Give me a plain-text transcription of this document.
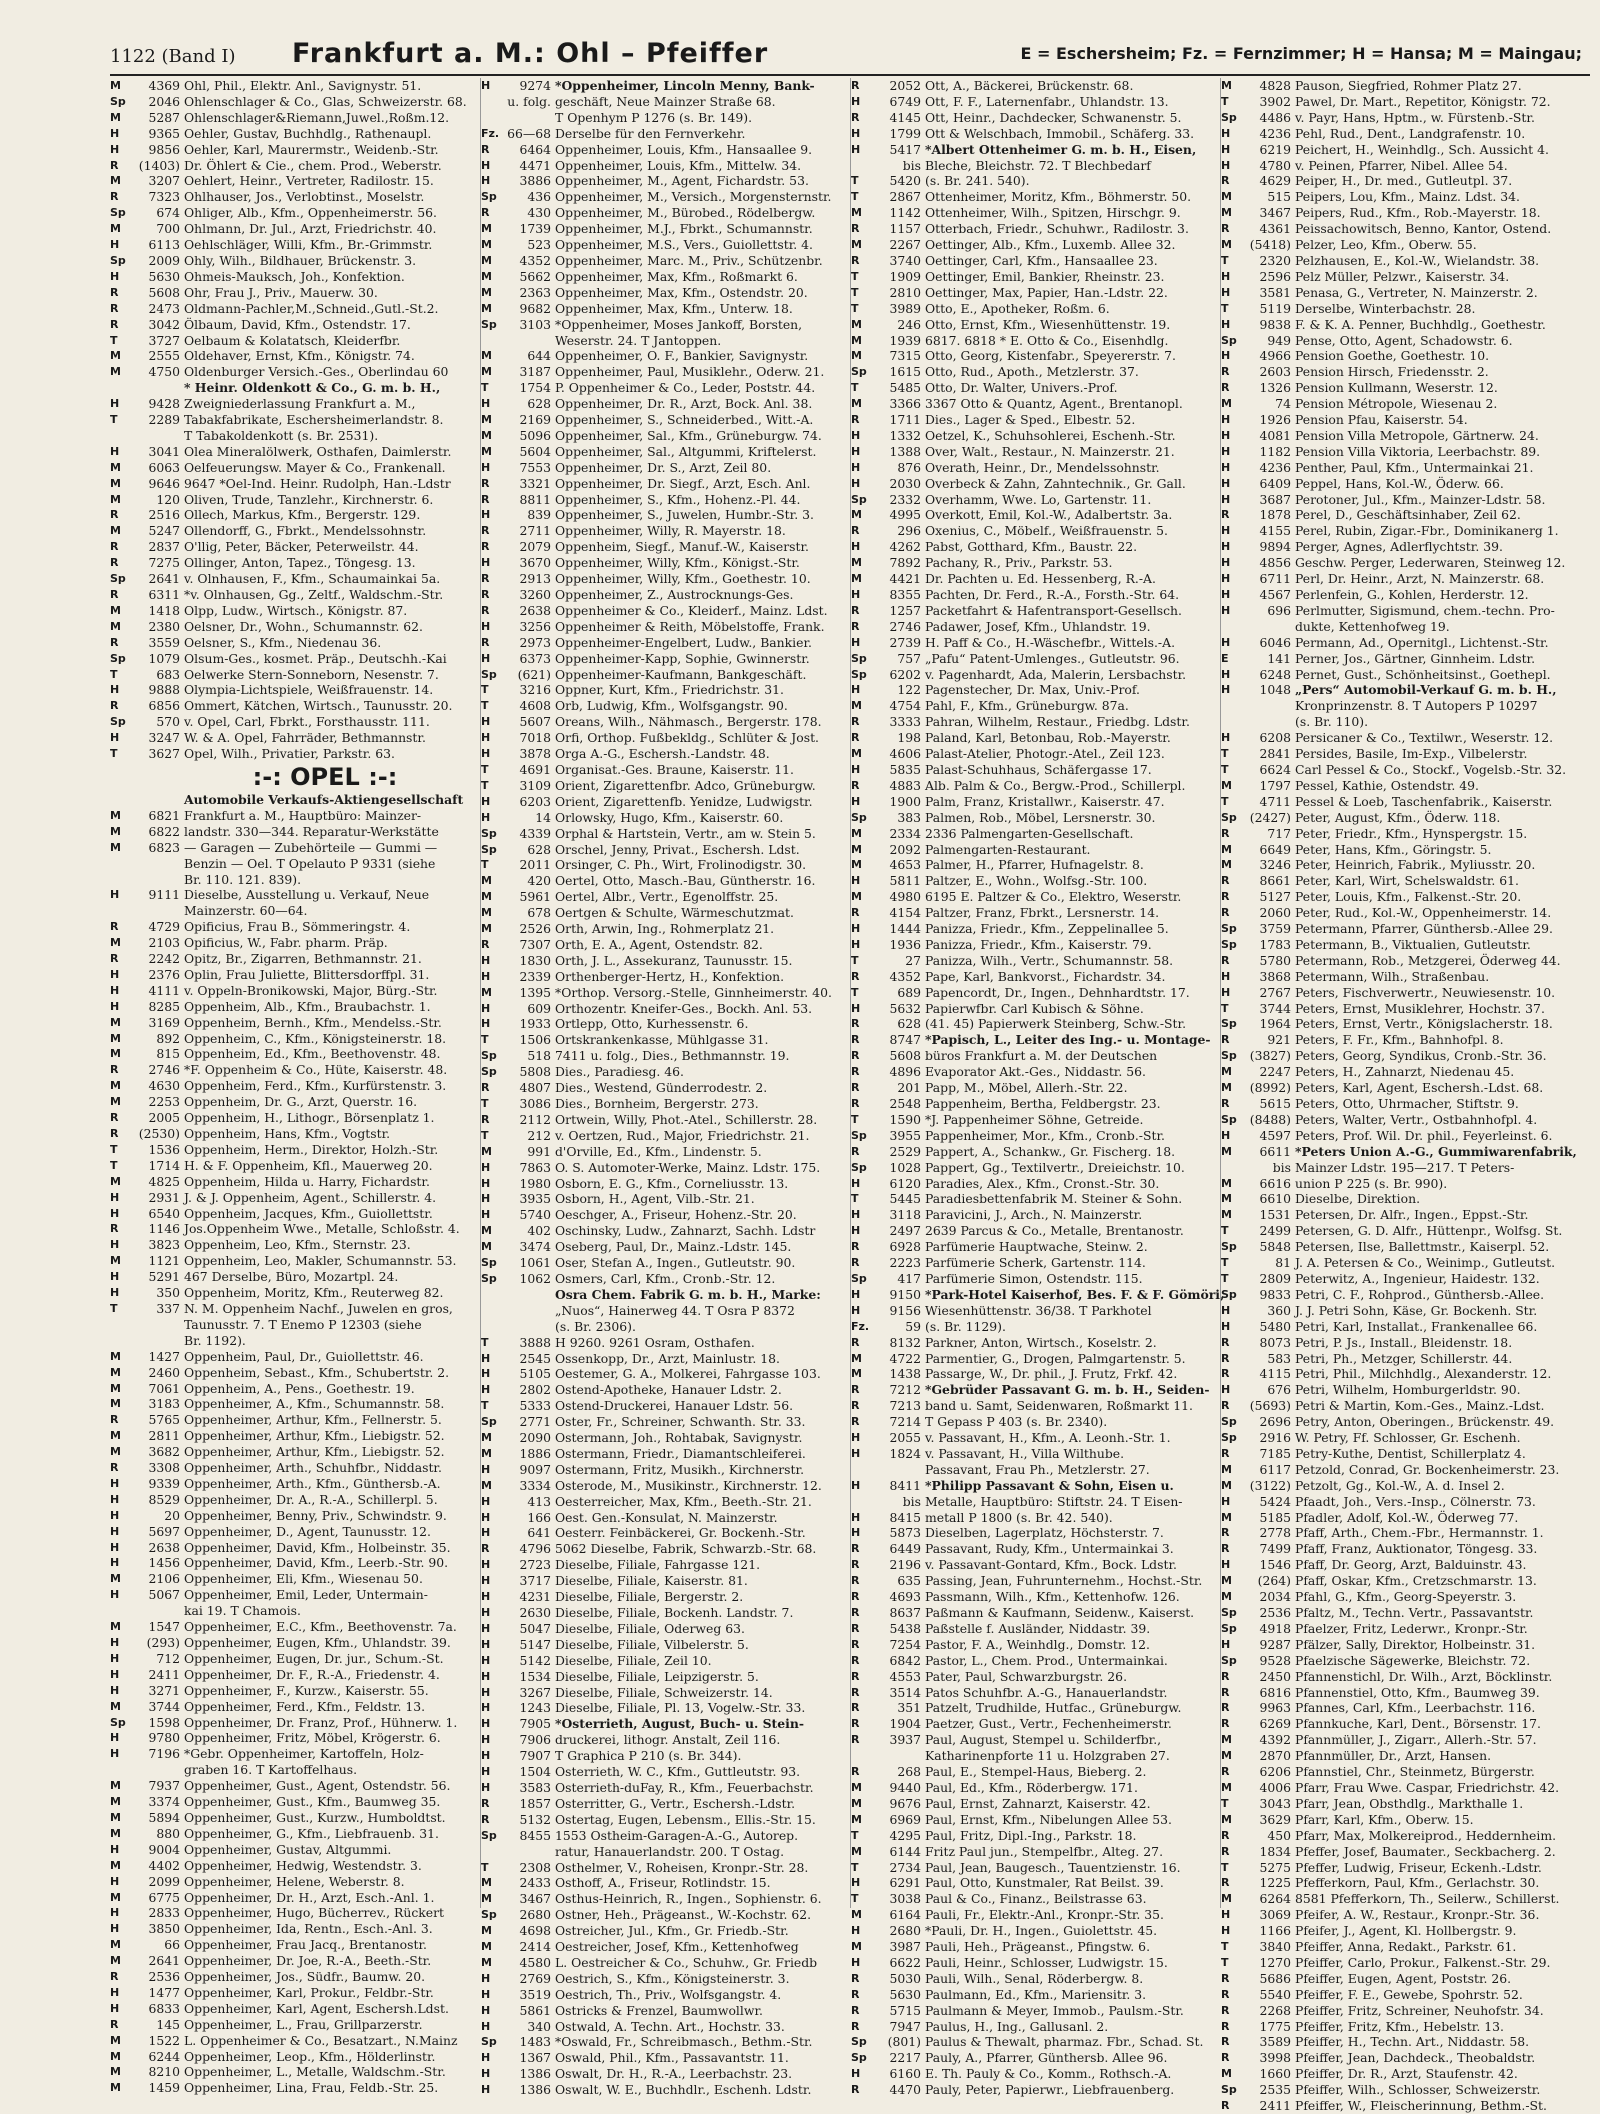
1122 (Band I) Frankfurt a. M.: Ohl – Pfeiffer	E = Eschersheim; Fz. = Fernzimmer; H = Hansa; M = Maingau;
M	4369 Ohl, Phil., Elektr. Anl., Savignystr. 51.
Sp	2046 Ohlenschlager & Co., Glas, Schweizerstr. 68.
M	5287 Ohlenschlager&Riemann,Juwel.,Roßm.12.
H	9365 Oehler, Gustav, Buchhdlg., Rathenaupl.
H	9856 Oehler, Karl, Maurermstr., Weidenb.-Str.
R	(1403) Dr. Öhlert & Cie., chem. Prod., Weberstr.
M	3207 Oehlert, Heinr., Vertreter, Radilostr. 15.
R	7323 Ohlhauser, Jos., Verlobtinst., Moselstr.
Sp	674 Ohliger, Alb., Kfm., Oppenheimerstr. 56.
M	700 Ohlmann, Dr. Jul., Arzt, Friedrichstr. 40.
H	6113 Oehlschläger, Willi, Kfm., Br.-Grimmstr.
Sp	2009 Ohly, Wilh., Bildhauer, Brückenstr. 3.
H	5630 Ohmeis-Mauksch, Joh., Konfektion.
R	5608 Ohr, Frau J., Priv., Mauerw. 30.
R	2473 Oldmann-Pachler,M.,Schneid.,Gutl.-St.2.
R	3042 Ölbaum, David, Kfm., Ostendstr. 17.
T	3727 Oelbaum & Kolatatsch, Kleiderfbr.
M	2555 Oldehaver, Ernst, Kfm., Königstr. 74.
M	4750 Oldenburger Versich.-Ges., Oberlindau 60
* Heinr. Oldenkott & Co., G. m. b. H.,
H	9428 Zweigniederlassung Frankfurt a. M.,
T	2289 Tabakfabrikate, Eschersheimerlandstr. 8.
T Tabakoldenkott (s. Br. 2531).
H	3041 Olea Mineralölwerk, Osthafen, Daimlerstr.
M	6063 Oelfeuerungsw. Mayer & Co., Frankenall.
M	9646 9647 *Oel-Ind. Heinr. Rudolph, Han.-Ldstr
M	120 Oliven, Trude, Tanzlehr., Kirchnerstr. 6.
R	2516 Ollech, Markus, Kfm., Bergerstr. 129.
M	5247 Ollendorff, G., Fbrkt., Mendelssohnstr.
R	2837 O'llig, Peter, Bäcker, Peterweilstr. 44.
R	7275 Ollinger, Anton, Tapez., Töngesg. 13.
Sp	2641 v. Olnhausen, F., Kfm., Schaumainkai 5a.
R	6311 *v. Olnhausen, Gg., Zeltf., Waldschm.-Str.
M	1418 Olpp, Ludw., Wirtsch., Königstr. 87.
M	2380 Oelsner, Dr., Wohn., Schumannstr. 62.
R	3559 Oelsner, S., Kfm., Niedenau 36.
Sp	1079 Olsum-Ges., kosmet. Präp., Deutschh.-Kai
T	683 Oelwerke Stern-Sonneborn, Nesenstr. 7.
H	9888 Olympia-Lichtspiele, Weißfrauenstr. 14.
R	6856 Ommert, Kätchen, Wirtsch., Taunusstr. 20.
Sp	570 v. Opel, Carl, Fbrkt., Forsthausstr. 111.
H	3247 W. & A. Opel, Fahrräder, Bethmannstr.
T	3627 Opel, Wilh., Privatier, Parkstr. 63.
:-: OPEL :-:
Automobile Verkaufs-Aktiengesellschaft
M	6821 Frankfurt a. M., Hauptbüro: Mainzer-
M	6822 landstr. 330—344. Reparatur-Werkstätte
M	6823 — Garagen — Zubehörteile — Gummi —
Benzin — Oel. T Opelauto P 9331 (siehe
Br. 110. 121. 839).
H	9111 Dieselbe, Ausstellung u. Verkauf, Neue
Mainzerstr. 60—64.
R	4729 Opificius, Frau B., Sömmeringstr. 4.
M	2103 Opificius, W., Fabr. pharm. Präp.
R	2242 Opitz, Br., Zigarren, Bethmannstr. 21.
H	2376 Oplin, Frau Juliette, Blittersdorffpl. 31.
H	4111 v. Oppeln-Bronikowski, Major, Bürg.-Str.
H	8285 Oppenheim, Alb., Kfm., Braubachstr. 1.
M	3169 Oppenheim, Bernh., Kfm., Mendelss.-Str.
M	892 Oppenheim, C., Kfm., Königsteinerstr. 18.
M	815 Oppenheim, Ed., Kfm., Beethovenstr. 48.
R	2746 *F. Oppenheim & Co., Hüte, Kaiserstr. 48.
M	4630 Oppenheim, Ferd., Kfm., Kurfürstenstr. 3.
M	2253 Oppenheim, Dr. G., Arzt, Querstr. 16.
R	2005 Oppenheim, H., Lithogr., Börsenplatz 1.
R	(2530) Oppenheim, Hans, Kfm., Vogtstr.
T	1536 Oppenheim, Herm., Direktor, Holzh.-Str.
T	1714 H. & F. Oppenheim, Kfl., Mauerweg 20.
M	4825 Oppenheim, Hilda u. Harry, Fichardstr.
H	2931 J. & J. Oppenheim, Agent., Schillerstr. 4.
H	6540 Oppenheim, Jacques, Kfm., Guiollettstr.
R	1146 Jos.Oppenheim Wwe., Metalle, Schloßstr. 4.
H	3823 Oppenheim, Leo, Kfm., Sternstr. 23.
M	1121 Oppenheim, Leo, Makler, Schumannstr. 53.
H	5291 467 Derselbe, Büro, Mozartpl. 24.
H	350 Oppenheim, Moritz, Kfm., Reuterweg 82.
T	337 N. M. Oppenheim Nachf., Juwelen en gros,
Taunusstr. 7. T Enemo P 12303 (siehe
Br. 1192).
M	1427 Oppenheim, Paul, Dr., Guiollettstr. 46.
M	2460 Oppenheim, Sebast., Kfm., Schubertstr. 2.
M	7061 Oppenheim, A., Pens., Goethestr. 19.
M	3183 Oppenheimer, A., Kfm., Schumannstr. 58.
R	5765 Oppenheimer, Arthur, Kfm., Fellnerstr. 5.
M	2811 Oppenheimer, Arthur, Kfm., Liebigstr. 52.
M	3682 Oppenheimer, Arthur, Kfm., Liebigstr. 52.
R	3308 Oppenheimer, Arth., Schuhfbr., Niddastr.
H	9339 Oppenheimer, Arth., Kfm., Günthersb.-A.
H	8529 Oppenheimer, Dr. A., R.-A., Schillerpl. 5.
H	20 Oppenheimer, Benny, Priv., Schwindstr. 9.
H	5697 Oppenheimer, D., Agent, Taunusstr. 12.
H	2638 Oppenheimer, David, Kfm., Holbeinstr. 35.
H	1456 Oppenheimer, David, Kfm., Leerb.-Str. 90.
M	2106 Oppenheimer, Eli, Kfm., Wiesenau 50.
H	5067 Oppenheimer, Emil, Leder, Untermain-
kai 19. T Chamois.
M	1547 Oppenheimer, E.C., Kfm., Beethovenstr. 7a.
H	(293) Oppenheimer, Eugen, Kfm., Uhlandstr. 39.
H	712 Oppenheimer, Eugen, Dr. jur., Schum.-St.
H	2411 Oppenheimer, Dr. F., R.-A., Friedenstr. 4.
H	3271 Oppenheimer, F., Kurzw., Kaiserstr. 55.
M	3744 Oppenheimer, Ferd., Kfm., Feldstr. 13.
Sp	1598 Oppenheimer, Dr. Franz, Prof., Hühnerw. 1.
H	9780 Oppenheimer, Fritz, Möbel, Krögerstr. 6.
H	7196 *Gebr. Oppenheimer, Kartoffeln, Holz-
graben 16. T Kartoffelhaus.
M	7937 Oppenheimer, Gust., Agent, Ostendstr. 56.
M	3374 Oppenheimer, Gust., Kfm., Baumweg 35.
M	5894 Oppenheimer, Gust., Kurzw., Humboldtst.
M	880 Oppenheimer, G., Kfm., Liebfrauenb. 31.
H	9004 Oppenheimer, Gustav, Altgummi.
M	4402 Oppenheimer, Hedwig, Westendstr. 3.
H	2099 Oppenheimer, Helene, Weberstr. 8.
M	6775 Oppenheimer, Dr. H., Arzt, Esch.-Anl. 1.
H	2833 Oppenheimer, Hugo, Bücherrev., Rückert
H	3850 Oppenheimer, Ida, Rentn., Esch.-Anl. 3.
M	66 Oppenheimer, Frau Jacq., Brentanostr.
M	2641 Oppenheimer, Dr. Joe, R.-A., Beeth.-Str.
R	2536 Oppenheimer, Jos., Südfr., Baumw. 20.
H	1477 Oppenheimer, Karl, Prokur., Feldbr.-Str.
H	6833 Oppenheimer, Karl, Agent, Eschersh.Ldst.
R	145 Oppenheimer, L., Frau, Grillparzerstr.
M	1522 L. Oppenheimer & Co., Besatzart., N.Mainz
M	6244 Oppenheimer, Leop., Kfm., Hölderlinstr.
M	8210 Oppenheimer, L., Metalle, Waldschm.-Str.
M	1459 Oppenheimer, Lina, Frau, Feldb.-Str. 25.
H	9274 *Oppenheimer, Lincoln Menny, Bank-
u. folg. geschäft, Neue Mainzer Straße 68.
T Openhym P 1276 (s. Br. 149).
Fz. 66—68 Derselbe für den Fernverkehr.
R	6464 Oppenheimer, Louis, Kfm., Hansaallee 9.
H	4471 Oppenheimer, Louis, Kfm., Mittelw. 34.
H	3886 Oppenheimer, M., Agent, Fichardstr. 53.
Sp	436 Oppenheimer, M., Versich., Morgensternstr.
R	430 Oppenheimer, M., Bürobed., Rödelbergw.
M	1739 Oppenheimer, M.J., Fbrkt., Schumannstr.
M	523 Oppenheimer, M.S., Vers., Guiollettstr. 4.
M	4352 Oppenheimer, Marc. M., Priv., Schützenbr.
M	5662 Oppenheimer, Max, Kfm., Roßmarkt 6.
M	2363 Oppenheimer, Max, Kfm., Ostendstr. 20.
M	9682 Oppenheimer, Max, Kfm., Unterw. 18.
Sp	3103 *Oppenheimer, Moses Jankoff, Borsten,
Weserstr. 24. T Jantoppen.
M	644 Oppenheimer, O. F., Bankier, Savignystr.
M	3187 Oppenheimer, Paul, Musiklehr., Oderw. 21.
T	1754 P. Oppenheimer & Co., Leder, Poststr. 44.
H	628 Oppenheimer, Dr. R., Arzt, Bock. Anl. 38.
M	2169 Oppenheimer, S., Schneiderbed., Witt.-A.
M	5096 Oppenheimer, Sal., Kfm., Grüneburgw. 74.
M	5604 Oppenheimer, Sal., Altgummi, Kriftelerst.
H	7553 Oppenheimer, Dr. S., Arzt, Zeil 80.
R	3321 Oppenheimer, Dr. Siegf., Arzt, Esch. Anl.
R	8811 Oppenheimer, S., Kfm., Hohenz.-Pl. 44.
H	839 Oppenheimer, S., Juwelen, Humbr.-Str. 3.
R	2711 Oppenheimer, Willy, R. Mayerstr. 18.
R	2079 Oppenheim, Siegf., Manuf.-W., Kaiserstr.
H	3670 Oppenheimer, Willy, Kfm., Königst.-Str.
R	2913 Oppenheimer, Willy, Kfm., Goethestr. 10.
R	3260 Oppenheimer, Z., Austrocknungs-Ges.
R	2638 Oppenheimer & Co., Kleiderf., Mainz. Ldst.
H	3256 Oppenheimer & Reith, Möbelstoffe, Frank.
R	2973 Oppenheimer-Engelbert, Ludw., Bankier.
H	6373 Oppenheimer-Kapp, Sophie, Gwinnerstr.
Sp	(621) Oppenheimer-Kaufmann, Bankgeschäft.
T	3216 Oppner, Kurt, Kfm., Friedrichstr. 31.
T	4608 Orb, Ludwig, Kfm., Wolfsgangstr. 90.
H	5607 Oreans, Wilh., Nähmasch., Bergerstr. 178.
H	7018 Orfi, Orthop. Fußbekldg., Schlüter & Jost.
H	3878 Orga A.-G., Eschersh.-Landstr. 48.
T	4691 Organisat.-Ges. Braune, Kaiserstr. 11.
T	3109 Orient, Zigarettenfbr. Adco, Grüneburgw.
H	6203 Orient, Zigarettenfb. Yenidze, Ludwigstr.
H	14 Orlowsky, Hugo, Kfm., Kaiserstr. 60.
Sp	4339 Orphal & Hartstein, Vertr., am w. Stein 5.
Sp	628 Orschel, Jenny, Privat., Eschersh. Ldst.
T	2011 Orsinger, C. Ph., Wirt, Frolinodigstr. 30.
M	420 Oertel, Otto, Masch.-Bau, Güntherstr. 16.
M	5961 Oertel, Albr., Vertr., Egenolffstr. 25.
M	678 Oertgen & Schulte, Wärmeschutzmat.
M	2526 Orth, Arwin, Ing., Rohmerplatz 21.
R	7307 Orth, E. A., Agent, Ostendstr. 82.
H	1830 Orth, J. L., Assekuranz, Taunusstr. 15.
H	2339 Orthenberger-Hertz, H., Konfektion.
M	1395 *Orthop. Versorg.-Stelle, Ginnheimerstr. 40.
H	609 Orthozentr. Kneifer-Ges., Bockh. Anl. 53.
H	1933 Ortlepp, Otto, Kurhessenstr. 6.
T	1506 Ortskrankenkasse, Mühlgasse 31.
Sp	518 7411 u. folg., Dies., Bethmannstr. 19.
Sp	5808 Dies., Paradiesg. 46.
R	4807 Dies., Westend, Günderrodestr. 2.
T	3086 Dies., Bornheim, Bergerstr. 273.
R	2112 Ortwein, Willy, Phot.-Atel., Schillerstr. 28.
T	212 v. Oertzen, Rud., Major, Friedrichstr. 21.
M	991 d'Orville, Ed., Kfm., Lindenstr. 5.
H	7863 O. S. Automoter-Werke, Mainz. Ldstr. 175.
H	1980 Osborn, E. G., Kfm., Corneliusstr. 13.
H	3935 Osborn, H., Agent, Vilb.-Str. 21.
H	5740 Oeschger, A., Friseur, Hohenz.-Str. 20.
M	402 Oschinsky, Ludw., Zahnarzt, Sachh. Ldstr
M	3474 Oseberg, Paul, Dr., Mainz.-Ldstr. 145.
Sp	1061 Oser, Stefan A., Ingen., Gutleutstr. 90.
Sp	1062 Osmers, Carl, Kfm., Cronb.-Str. 12.
Osra Chem. Fabrik G. m. b. H., Marke:
„Nuos“, Hainerweg 44. T Osra P 8372
(s. Br. 2306).
T	3888 H 9260. 9261 Osram, Osthafen.
H	2545 Ossenkopp, Dr., Arzt, Mainlustr. 18.
H	5105 Oestemer, G. A., Molkerei, Fahrgasse 103.
H	2802 Ostend-Apotheke, Hanauer Ldstr. 2.
T	5333 Ostend-Druckerei, Hanauer Ldstr. 56.
Sp	2771 Oster, Fr., Schreiner, Schwanth. Str. 33.
M	2090 Ostermann, Joh., Rohtabak, Savignystr.
M	1886 Ostermann, Friedr., Diamantschleiferei.
H	9097 Ostermann, Fritz, Musikh., Kirchnerstr.
M	3334 Osterode, M., Musikinstr., Kirchnerstr. 12.
H	413 Oesterreicher, Max, Kfm., Beeth.-Str. 21.
H	166 Oest. Gen.-Konsulat, N. Mainzerstr.
H	641 Oesterr. Feinbäckerei, Gr. Bockenh.-Str.
R	4796 5062 Dieselbe, Fabrik, Schwarzb.-Str. 68.
H	2723 Dieselbe, Filiale, Fahrgasse 121.
H	3717 Dieselbe, Filiale, Kaiserstr. 81.
H	4231 Dieselbe, Filiale, Bergerstr. 2.
H	2630 Dieselbe, Filiale, Bockenh. Landstr. 7.
H	5047 Dieselbe, Filiale, Oderweg 63.
H	5147 Dieselbe, Filiale, Vilbelerstr. 5.
H	5142 Dieselbe, Filiale, Zeil 10.
H	1534 Dieselbe, Filiale, Leipzigerstr. 5.
H	3267 Dieselbe, Filiale, Schweizerstr. 14.
H	1243 Dieselbe, Filiale, Pl. 13, Vogelw.-Str. 33.
H	7905 *Osterrieth, August, Buch- u. Stein-
H	7906 druckerei, lithogr. Anstalt, Zeil 116.
H	7907 T Graphica P 210 (s. Br. 344).
H	1504 Osterrieth, W. C., Kfm., Guttleutstr. 93.
H	3583 Osterrieth-duFay, R., Kfm., Feuerbachstr.
R	1857 Osterritter, G., Vertr., Eschersh.-Ldstr.
R	5132 Ostertag, Eugen, Lebensm., Ellis.-Str. 15.
Sp	8455 1553 Ostheim-Garagen-A.-G., Autorep.
ratur, Hanauerlandstr. 200. T Ostag.
T	2308 Osthelmer, V., Roheisen, Kronpr.-Str. 28.
M	2433 Osthoff, A., Friseur, Rotlindstr. 15.
M	3467 Osthus-Heinrich, R., Ingen., Sophienstr. 6.
Sp	2680 Ostner, Heh., Prägeanst., W.-Kochstr. 62.
M	4698 Ostreicher, Jul., Kfm., Gr. Friedb.-Str.
M	2414 Oestreicher, Josef, Kfm., Kettenhofweg
M	4580 L. Oestreicher & Co., Schuhw., Gr. Friedb
H	2769 Oestrich, S., Kfm., Königsteinerstr. 3.
H	3519 Oestrich, Th., Priv., Wolfsgangstr. 4.
H	5861 Ostricks & Frenzel, Baumwollwr.
H	340 Ostwald, A. Techn. Art., Hochstr. 33.
Sp	1483 *Oswald, Fr., Schreibmasch., Bethm.-Str.
H	1367 Oswald, Phil., Kfm., Passavantstr. 11.
H	1386 Oswalt, Dr. H., R.-A., Leerbachstr. 23.
H	1386 Oswalt, W. E., Buchhdlr., Eschenh. Ldstr.
R	2052 Ott, A., Bäckerei, Brückenstr. 68.
H	6749 Ott, F. F., Laternenfabr., Uhlandstr. 13.
R	4145 Ott, Heinr., Dachdecker, Schwanenstr. 5.
H	1799 Ott & Welschbach, Immobil., Schäferg. 33.
H	5417 *Albert Ottenheimer G. m. b. H., Eisen,
bis Bleche, Bleichstr. 72. T Blechbedarf
T	5420 (s. Br. 241. 540).
T	2867 Ottenheimer, Moritz, Kfm., Böhmerstr. 50.
M	1142 Ottenheimer, Wilh., Spitzen, Hirschgr. 9.
R	1157 Otterbach, Friedr., Schuhwr., Radilostr. 3.
M	2267 Oettinger, Alb., Kfm., Luxemb. Allee 32.
R	3740 Oettinger, Carl, Kfm., Hansaallee 23.
T	1909 Oettinger, Emil, Bankier, Rheinstr. 23.
T	2810 Oettinger, Max, Papier, Han.-Ldstr. 22.
T	3989 Otto, E., Apotheker, Roßm. 6.
M	246 Otto, Ernst, Kfm., Wiesenhüttenstr. 19.
M	1939 6817. 6818 * E. Otto & Co., Eisenhdlg.
M	7315 Otto, Georg, Kistenfabr., Speyererstr. 7.
Sp	1615 Otto, Rud., Apoth., Metzlerstr. 37.
T	5485 Otto, Dr. Walter, Univers.-Prof.
M	3366 3367 Otto & Quantz, Agent., Brentanopl.
R	1711 Dies., Lager & Sped., Elbestr. 52.
H	1332 Oetzel, K., Schuhsohlerei, Eschenh.-Str.
H	1388 Over, Walt., Restaur., N. Mainzerstr. 21.
H	876 Overath, Heinr., Dr., Mendelssohnstr.
H	2030 Overbeck & Zahn, Zahntechnik., Gr. Gall.
Sp	2332 Overhamm, Wwe. Lo, Gartenstr. 11.
M	4995 Overkott, Emil, Kol.-W., Adalbertstr. 3a.
R	296 Oxenius, C., Möbelf., Weißfrauenstr. 5.
H	4262 Pabst, Gotthard, Kfm., Baustr. 22.
M	7892 Pachany, R., Priv., Parkstr. 53.
M	4421 Dr. Pachten u. Ed. Hessenberg, R.-A.
H	8355 Pachten, Dr. Ferd., R.-A., Forsth.-Str. 64.
R	1257 Packetfahrt & Hafentransport-Gesellsch.
R	2746 Padawer, Josef, Kfm., Uhlandstr. 19.
H	2739 H. Paff & Co., H.-Wäschefbr., Wittels.-A.
Sp	757 „Pafu“ Patent-Umlenges., Gutleutstr. 96.
Sp	6202 v. Pagenhardt, Ada, Malerin, Lersbachstr.
H	122 Pagenstecher, Dr. Max, Univ.-Prof.
M	4754 Pahl, F., Kfm., Grüneburgw. 87a.
R	3333 Pahran, Wilhelm, Restaur., Friedbg. Ldstr.
R	198 Paland, Karl, Betonbau, Rob.-Mayerstr.
M	4606 Palast-Atelier, Photogr.-Atel., Zeil 123.
H	5835 Palast-Schuhhaus, Schäfergasse 17.
R	4883 Alb. Palm & Co., Bergw.-Prod., Schillerpl.
H	1900 Palm, Franz, Kristallwr., Kaiserstr. 47.
Sp	383 Palmen, Rob., Möbel, Lersnerstr. 30.
M	2334 2336 Palmengarten-Gesellschaft.
M	2092 Palmengarten-Restaurant.
M	4653 Palmer, H., Pfarrer, Hufnagelstr. 8.
H	5811 Paltzer, E., Wohn., Wolfsg.-Str. 100.
M	4980 6195 E. Paltzer & Co., Elektro, Weserstr.
R	4154 Paltzer, Franz, Fbrkt., Lersnerstr. 14.
H	1444 Panizza, Friedr., Kfm., Zeppelinallee 5.
H	1936 Panizza, Friedr., Kfm., Kaiserstr. 79.
T	27 Panizza, Wilh., Vertr., Schumannstr. 58.
R	4352 Pape, Karl, Bankvorst., Fichardstr. 34.
T	689 Papencordt, Dr., Ingen., Dehnhardtstr. 17.
H	5632 Papierwfbr. Carl Kubisch & Söhne.
R	628 (41. 45) Papierwerk Steinberg, Schw.-Str.
R	8747 *Papisch, L., Leiter des Ing.- u. Montage-
R	5608 büros Frankfurt a. M. der Deutschen
R	4896 Evaporator Akt.-Ges., Niddastr. 56.
R	201 Papp, M., Möbel, Allerh.-Str. 22.
R	2548 Pappenheim, Bertha, Feldbergstr. 23.
T	1590 *J. Pappenheimer Söhne, Getreide.
Sp	3955 Pappenheimer, Mor., Kfm., Cronb.-Str.
R	2529 Pappert, A., Schankw., Gr. Fischerg. 18.
Sp	1028 Pappert, Gg., Textilvertr., Dreieichstr. 10.
H	6120 Paradies, Alex., Kfm., Cronst.-Str. 30.
T	5445 Paradiesbettenfabrik M. Steiner & Sohn.
H	3118 Paravicini, J., Arch., N. Mainzerstr.
H	2497 2639 Parcus & Co., Metalle, Brentanostr.
R	6928 Parfümerie Hauptwache, Steinw. 2.
R	2223 Parfümerie Scherk, Gartenstr. 114.
Sp	417 Parfümerie Simon, Ostendstr. 115.
H	9150 *Park-Hotel Kaiserhof, Bes. F. & F. Gömöri,
H	9156 Wiesenhüttenstr. 36/38. T Parkhotel
Fz.	59 (s. Br. 1129).
R	8132 Parkner, Anton, Wirtsch., Koselstr. 2.
M	4722 Parmentier, G., Drogen, Palmgartenstr. 5.
M	1438 Passarge, W., Dr. phil., J. Frutz, Frkf. 42.
R	7212 *Gebrüder Passavant G. m. b. H., Seiden-
R	7213 band u. Samt, Seidenwaren, Roßmarkt 11.
R	7214 T Gepass P 403 (s. Br. 2340).
H	2055 v. Passavant, H., Kfm., A. Leonh.-Str. 1.
H	1824 v. Passavant, H., Villa Wilthube.
Passavant, Frau Ph., Metzlerstr. 27.
H	8411 *Philipp Passavant & Sohn, Eisen u.
bis Metalle, Hauptbüro: Stiftstr. 24. T Eisen-
H	8415 metall P 1800 (s. Br. 42. 540).
H	5873 Dieselben, Lagerplatz, Höchsterstr. 7.
R	6449 Passavant, Rudy, Kfm., Untermainkai 3.
R	2196 v. Passavant-Gontard, Kfm., Bock. Ldstr.
R	635 Passing, Jean, Fuhrunternehm., Hochst.-Str.
R	4693 Passmann, Wilh., Kfm., Kettenhofw. 126.
R	8637 Paßmann & Kaufmann, Seidenw., Kaiserst.
R	5438 Paßstelle f. Ausländer, Niddastr. 39.
R	7254 Pastor, F. A., Weinhdlg., Domstr. 12.
R	6842 Pastor, L., Chem. Prod., Untermainkai.
R	4553 Pater, Paul, Schwarzburgstr. 26.
R	3514 Patos Schuhfbr. A.-G., Hanauerlandstr.
R	351 Patzelt, Trudhilde, Hutfac., Grüneburgw.
R	1904 Paetzer, Gust., Vertr., Fechenheimerstr.
R	3937 Paul, August, Stempel u. Schilderfbr.,
Katharinenpforte 11 u. Holzgraben 27.
R	268 Paul, E., Stempel-Haus, Bieberg. 2.
M	9440 Paul, Ed., Kfm., Röderbergw. 171.
M	9676 Paul, Ernst, Zahnarzt, Kaiserstr. 42.
M	6969 Paul, Ernst, Kfm., Nibelungen Allee 53.
T	4295 Paul, Fritz, Dipl.-Ing., Parkstr. 18.
M	6144 Fritz Paul jun., Stempelfbr., Alteg. 27.
T	2734 Paul, Jean, Baugesch., Tauentzienstr. 16.
H	6291 Paul, Otto, Kunstmaler, Rat Beilst. 39.
T	3038 Paul & Co., Finanz., Beilstrasse 63.
M	6164 Pauli, Fr., Elektr.-Anl., Kronpr.-Str. 35.
H	2680 *Pauli, Dr. H., Ingen., Guiolettstr. 45.
M	3987 Pauli, Heh., Prägeanst., Pfingstw. 6.
H	6622 Pauli, Heinr., Schlosser, Ludwigstr. 15.
R	5030 Pauli, Wilh., Senal, Röderbergw. 8.
R	5630 Paulmann, Ed., Kfm., Mariensitr. 3.
R	5715 Paulmann & Meyer, Immob., Paulsm.-Str.
R	7947 Paulus, H., Ing., Gallusanl. 2.
Sp	(801) Paulus & Thewalt, pharmaz. Fbr., Schad. St.
Sp	2217 Pauly, A., Pfarrer, Günthersb. Allee 96.
H	6160 E. Th. Pauly & Co., Komm., Rothsch.-A.
R	4470 Pauly, Peter, Papierwr., Liebfrauenberg.
M	4828 Pauson, Siegfried, Rohmer Platz 27.
T	3902 Pawel, Dr. Mart., Repetitor, Königstr. 72.
Sp	4486 v. Payr, Hans, Hptm., w. Fürstenb.-Str.
H	4236 Pehl, Rud., Dent., Landgrafenstr. 10.
H	6219 Peichert, H., Weinhdlg., Sch. Aussicht 4.
H	4780 v. Peinen, Pfarrer, Nibel. Allee 54.
R	4629 Peiper, H., Dr. med., Gutleutpl. 37.
M	515 Peipers, Lou, Kfm., Mainz. Ldst. 34.
M	3467 Peipers, Rud., Kfm., Rob.-Mayerstr. 18.
R	4361 Peissachowitsch, Benno, Kantor, Ostend.
M	(5418) Pelzer, Leo, Kfm., Oberw. 55.
T	2320 Pelzhausen, E., Kol.-W., Wielandstr. 38.
H	2596 Pelz Müller, Pelzwr., Kaiserstr. 34.
H	3581 Penasa, G., Vertreter, N. Mainzerstr. 2.
T	5119 Derselbe, Winterbachstr. 28.
H	9838 F. & K. A. Penner, Buchhdlg., Goethestr.
Sp	949 Pense, Otto, Agent, Schadowstr. 6.
H	4966 Pension Goethe, Goethestr. 10.
R	2603 Pension Hirsch, Friedensstr. 2.
R	1326 Pension Kullmann, Weserstr. 12.
M	74 Pension Métropole, Wiesenau 2.
H	1926 Pension Pfau, Kaiserstr. 54.
H	4081 Pension Villa Metropole, Gärtnerw. 24.
H	1182 Pension Villa Viktoria, Leerbachstr. 89.
H	4236 Penther, Paul, Kfm., Untermainkai 21.
H	6409 Peppel, Hans, Kol.-W., Öderw. 66.
H	3687 Perotoner, Jul., Kfm., Mainzer-Ldstr. 58.
R	1878 Perel, D., Geschäftsinhaber, Zeil 62.
H	4155 Perel, Rubin, Zigar.-Fbr., Dominikanerg 1.
H	9894 Perger, Agnes, Adlerflychtstr. 39.
H	4856 Geschw. Perger, Lederwaren, Steinweg 12.
H	6711 Perl, Dr. Heinr., Arzt, N. Mainzerstr. 68.
H	4567 Perlenfein, G., Kohlen, Herderstr. 12.
H	696 Perlmutter, Sigismund, chem.-techn. Pro-
dukte, Kettenhofweg 19.
H	6046 Permann, Ad., Opernitgl., Lichtenst.-Str.
E	141 Perner, Jos., Gärtner, Ginnheim. Ldstr.
H	6248 Pernet, Gust., Schönheitsinst., Goethepl.
H	1048 „Pers“ Automobil-Verkauf G. m. b. H.,
Kronprinzenstr. 8. T Autopers P 10297
(s. Br. 110).
H	6208 Persicaner & Co., Textilwr., Weserstr. 12.
T	2841 Persides, Basile, Im-Exp., Vilbelerstr.
T	6624 Carl Pessel & Co., Stockf., Vogelsb.-Str. 32.
M	1797 Pessel, Kathie, Ostendstr. 49.
T	4711 Pessel & Loeb, Taschenfabrik., Kaiserstr.
Sp	(2427) Peter, August, Kfm., Öderw. 118.
R	717 Peter, Friedr., Kfm., Hynspergstr. 15.
M	6649 Peter, Hans, Kfm., Göringstr. 5.
M	3246 Peter, Heinrich, Fabrik., Myliusstr. 20.
R	8661 Peter, Karl, Wirt, Schelswaldstr. 61.
R	5127 Peter, Louis, Kfm., Falkenst.-Str. 20.
R	2060 Peter, Rud., Kol.-W., Oppenheimerstr. 14.
Sp	3759 Petermann, Pfarrer, Günthersb.-Allee 29.
Sp	1783 Petermann, B., Viktualien, Gutleutstr.
R	5780 Petermann, Rob., Metzgerei, Öderweg 44.
H	3868 Petermann, Wilh., Straßenbau.
H	2767 Peters, Fischverwertr., Neuwiesenstr. 10.
T	3744 Peters, Ernst, Musiklehrer, Hochstr. 37.
Sp	1964 Peters, Ernst, Vertr., Königslacherstr. 18.
R	921 Peters, F. Fr., Kfm., Bahnhofpl. 8.
Sp	(3827) Peters, Georg, Syndikus, Cronb.-Str. 36.
M	2247 Peters, H., Zahnarzt, Niedenau 45.
M	(8992) Peters, Karl, Agent, Eschersh.-Ldst. 68.
R	5615 Peters, Otto, Uhrmacher, Stiftstr. 9.
Sp	(8488) Peters, Walter, Vertr., Ostbahnhofpl. 4.
H	4597 Peters, Prof. Wil. Dr. phil., Feyerleinst. 6.
M	6611 *Peters Union A.-G., Gummiwarenfabrik,
bis Mainzer Ldstr. 195—217. T Peters-
M	6616 union P 225 (s. Br. 990).
M	6610 Dieselbe, Direktion.
M	1531 Petersen, Dr. Alfr., Ingen., Eppst.-Str.
T	2499 Petersen, G. D. Alfr., Hüttenpr., Wolfsg. St.
Sp	5848 Petersen, Ilse, Ballettmstr., Kaiserpl. 52.
T	81 J. A. Petersen & Co., Weinimp., Gutleutst.
T	2809 Peterwitz, A., Ingenieur, Haidestr. 132.
Sp	9833 Petri, C. F., Rohprod., Günthersb.-Allee.
H	360 J. J. Petri Sohn, Käse, Gr. Bockenh. Str.
H	5480 Petri, Karl, Installat., Frankenallee 66.
R	8073 Petri, P. Js., Install., Bleidenstr. 18.
R	583 Petri, Ph., Metzger, Schillerstr. 44.
R	4115 Petri, Phil., Milchhdlg., Alexanderstr. 12.
H	676 Petri, Wilhelm, Homburgerldstr. 90.
R	(5693) Petri & Martin, Kom.-Ges., Mainz.-Ldst.
Sp	2696 Petry, Anton, Oberingen., Brückenstr. 49.
Sp	2916 W. Petry, Ff. Schlosser, Gr. Eschenh.
R	7185 Petry-Kuthe, Dentist, Schillerplatz 4.
M	6117 Petzold, Conrad, Gr. Bockenheimerstr. 23.
M	(3122) Petzolt, Gg., Kol.-W., A. d. Insel 2.
H	5424 Pfaadt, Joh., Vers.-Insp., Cölnerstr. 73.
M	5185 Pfadler, Adolf, Kol.-W., Öderweg 77.
R	2778 Pfaff, Arth., Chem.-Fbr., Hermannstr. 1.
R	7499 Pfaff, Franz, Auktionator, Töngesg. 33.
H	1546 Pfaff, Dr. Georg, Arzt, Balduinstr. 43.
M	(264) Pfaff, Oskar, Kfm., Cretzschmarstr. 13.
M	2034 Pfahl, G., Kfm., Georg-Speyerstr. 3.
Sp	2536 Pfaltz, M., Techn. Vertr., Passavantstr.
Sp	4918 Pfaelzer, Fritz, Lederwr., Kronpr.-Str.
H	9287 Pfälzer, Sally, Direktor, Holbeinstr. 31.
Sp	9528 Pfaelzische Sägewerke, Bleichstr. 72.
R	2450 Pfannenstichl, Dr. Wilh., Arzt, Böcklinstr.
R	6816 Pfannenstiel, Otto, Kfm., Baumweg 39.
R	9963 Pfannes, Carl, Kfm., Leerbachstr. 116.
R	6269 Pfannkuche, Karl, Dent., Börsenstr. 17.
M	4392 Pfannmüller, J., Zigarr., Allerh.-Str. 57.
M	2870 Pfannmüller, Dr., Arzt, Hansen.
R	6206 Pfannstiel, Chr., Steinmetz, Bürgerstr.
M	4006 Pfarr, Frau Wwe. Caspar, Friedrichstr. 42.
T	3043 Pfarr, Jean, Obsthdlg., Markthalle 1.
M	3629 Pfarr, Karl, Kfm., Oberw. 15.
R	450 Pfarr, Max, Molkereiprod., Heddernheim.
R	1834 Pfeffer, Josef, Baumater., Seckbacherg. 2.
T	5275 Pfeffer, Ludwig, Friseur, Eckenh.-Ldstr.
R	1225 Pfefferkorn, Paul, Kfm., Gerlachstr. 30.
M	6264 8581 Pfefferkorn, Th., Seilerw., Schillerst.
H	3069 Pfeifer, A. W., Restaur., Kronpr.-Str. 36.
H	1166 Pfeifer, J., Agent, Kl. Hollbergstr. 9.
T	3840 Pfeiffer, Anna, Redakt., Parkstr. 61.
T	1270 Pfeiffer, Carlo, Prokur., Falkenst.-Str. 29.
R	5686 Pfeiffer, Eugen, Agent, Poststr. 26.
R	5540 Pfeiffer, F. E., Gewebe, Spohrstr. 52.
R	2268 Pfeiffer, Fritz, Schreiner, Neuhofstr. 34.
R	1775 Pfeiffer, Fritz, Kfm., Hebelstr. 13.
R	3589 Pfeiffer, H., Techn. Art., Niddastr. 58.
R	3998 Pfeiffer, Jean, Dachdeck., Theobaldstr.
M	1660 Pfeiffer, Dr. R., Arzt, Staufenstr. 42.
Sp	2535 Pfeiffer, Wilh., Schlosser, Schweizerstr.
R	2411 Pfeiffer, W., Fleischerinnung, Bethm.-St.
